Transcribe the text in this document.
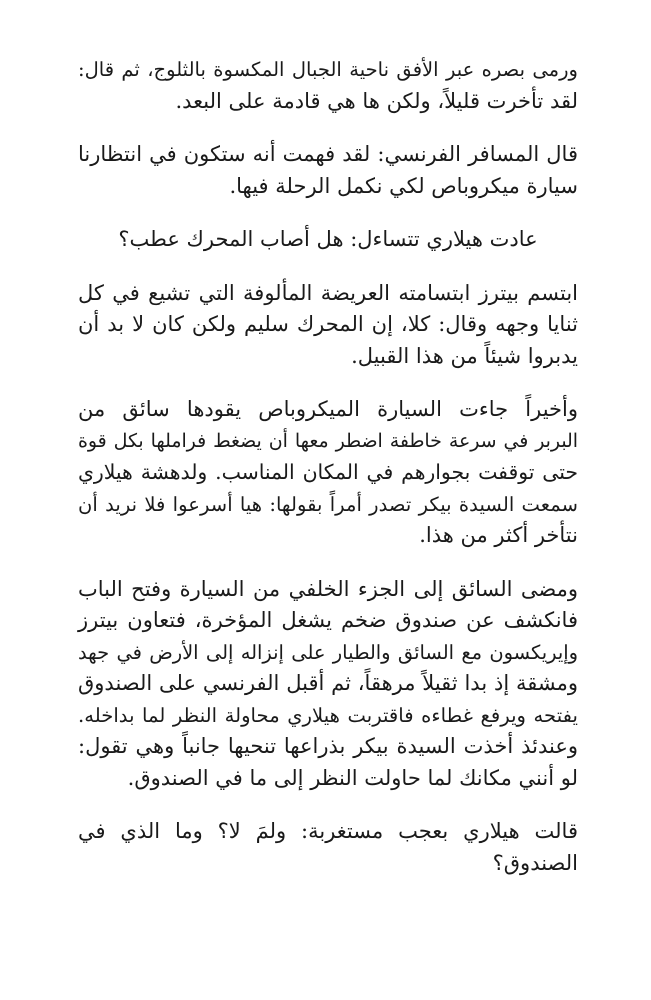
ورمى بصره عبر الأفق ناحية الجبال المكسوة بالثلوج، ثم قال:
لقد تأخرت قليلاً، ولكن ها هي قادمة على البعد.

قال المسافر الفرنسي: لقد فهمت أنه ستكون في انتظارنا
سيارة ميكروباص لكي نكمل الرحلة فيها.

عادت هيلاري تتساءل: هل أصاب المحرك عطب؟

ابتسم بيترز ابتسامته العريضة المألوفة التي تشيع في كل
ثنايا وجهه وقال: كلا، إن المحرك سليم ولكن كان لا بد أن
يدبروا شيئاً من هذا القبيل.

وأخيراً جاءت السيارة الميكروباص يقودها سائق من
البربر في سرعة خاطفة اضطر معها أن يضغط فراملها بكل قوة
حتى توقفت بجوارهم في المكان المناسب. ولدهشة هيلاري
سمعت السيدة بيكر تصدر أمراً بقولها: هيا أسرعوا فلا نريد أن
نتأخر أكثر من هذا.

ومضى السائق إلى الجزء الخلفي من السيارة وفتح الباب
فانكشف عن صندوق ضخم يشغل المؤخرة، فتعاون بيترز
وإيريكسون مع السائق والطيار على إنزاله إلى الأرض في جهد
ومشقة إذ بدا ثقيلاً مرهقاً، ثم أقبل الفرنسي على الصندوق
يفتحه ويرفع غطاءه فاقتربت هيلاري محاولة النظر لما بداخله.
وعندئذ أخذت السيدة بيكر بذراعها تنحيها جانباً وهي تقول:
لو أنني مكانك لما حاولت النظر إلى ما في الصندوق.

قالت هيلاري بعجب مستغربة: ولمَ لا؟ وما الذي في
الصندوق؟
